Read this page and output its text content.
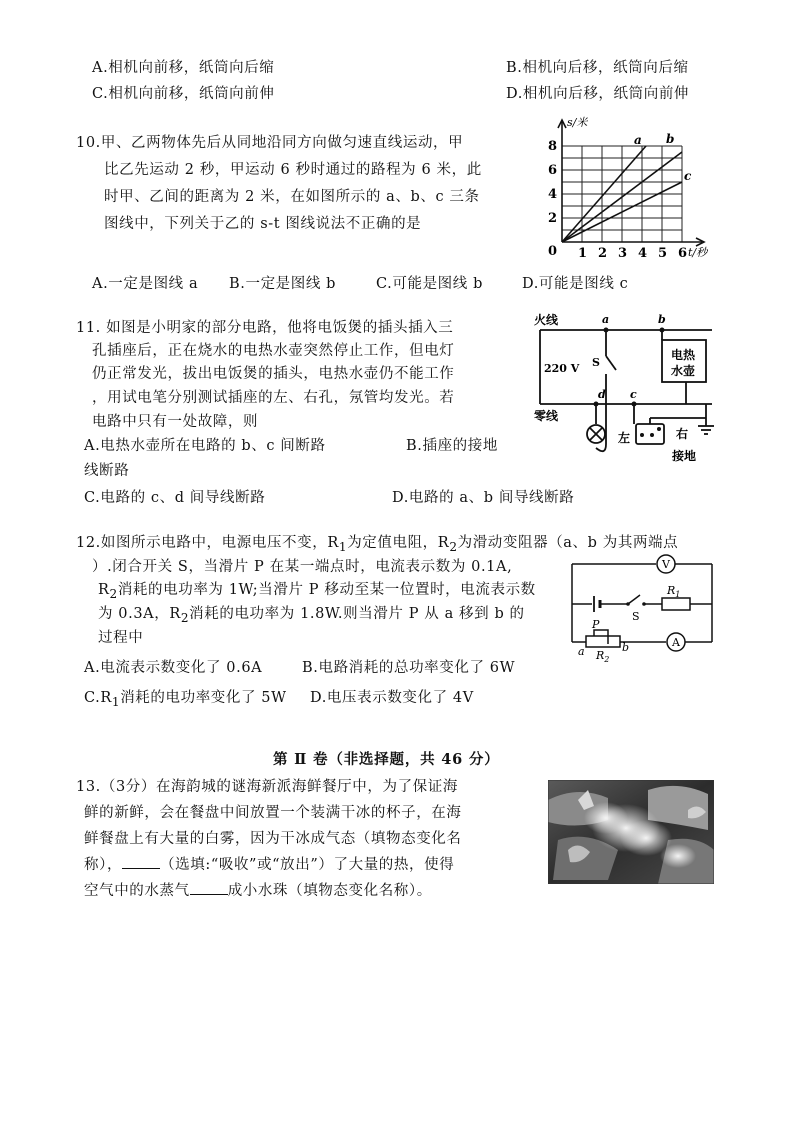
A.相机向前移，纸筒向后缩	B.相机向后移，纸筒向后缩
C.相机向前移，纸筒向前伸	D.相机向后移，纸筒向前伸
10.甲、乙两物体先后从同地沿同方向做匀速直线运动，甲
比乙先运动 2 秒，甲运动 6 秒时通过的路程为 6 米，此
时甲、乙间的距离为 2 米，在如图所示的 a、b、c 三条
图线中，下列关于乙的 s-t 图线说法不正确的是
A.一定是图线 a B.一定是图线 b	C.可能是图线 b	D.可能是图线 c
s/米
t/秒
0
2
4
6
8
1 2 3 4 5 6
a b
c
11. 如图是小明家的部分电路，他将电饭煲的插头插入三
孔插座后，正在烧水的电热水壶突然停止工作，但电灯
仍正常发光，拔出电饭煲的插头，电热水壶仍不能工作
，用试电笔分别测试插座的左、右孔，氖管均发光。若
电路中只有一处故障，则
A.电热水壶所在电路的 b、c 间断路	B.插座的接地
线断路
C.电路的 c、d 间导线断路	D.电路的 a、b 间导线断路
火线
零线
220 V S
电热
水壶
左	右
接地
a	b
c
d
12.如图所示电路中，电源电压不变，$R_1$为定值电阻，$R_2$为滑动变阻器（a、b 为其两端点
）.闭合开关 S，当滑片 P 在某一端点时，电流表示数为 0.1A,
$R_2$消耗的电功率为 1W;当滑片 P 移动至某一位置时，电流表示数
为 0.3A，$R_2$消耗的电功率为 1.8W.则当滑片 P 从 a 移到 b 的
过程中
A.电流表示数变化了 0.6A	B.电路消耗的总功率变化了 6W
$C.R_1$消耗的电功率变化了 5W D.电压表示数变化了 4V
V
A
$R_1$
S
P
a	b
$R_2$
第 Ⅱ 卷（非选择题，共 46 分）
13.（3分）在海韵城的谜海新派海鲜餐厅中，为了保证海
鲜的新鲜，会在餐盘中间放置一个装满干冰的杯子，在海
鲜餐盘上有大量的白雾，因为干冰成气态（填物态变化名
称），	（选填:“吸收”或“放出”）了大量的热，使得
空气中的水蒸气	成小水珠（填物态变化名称）。
